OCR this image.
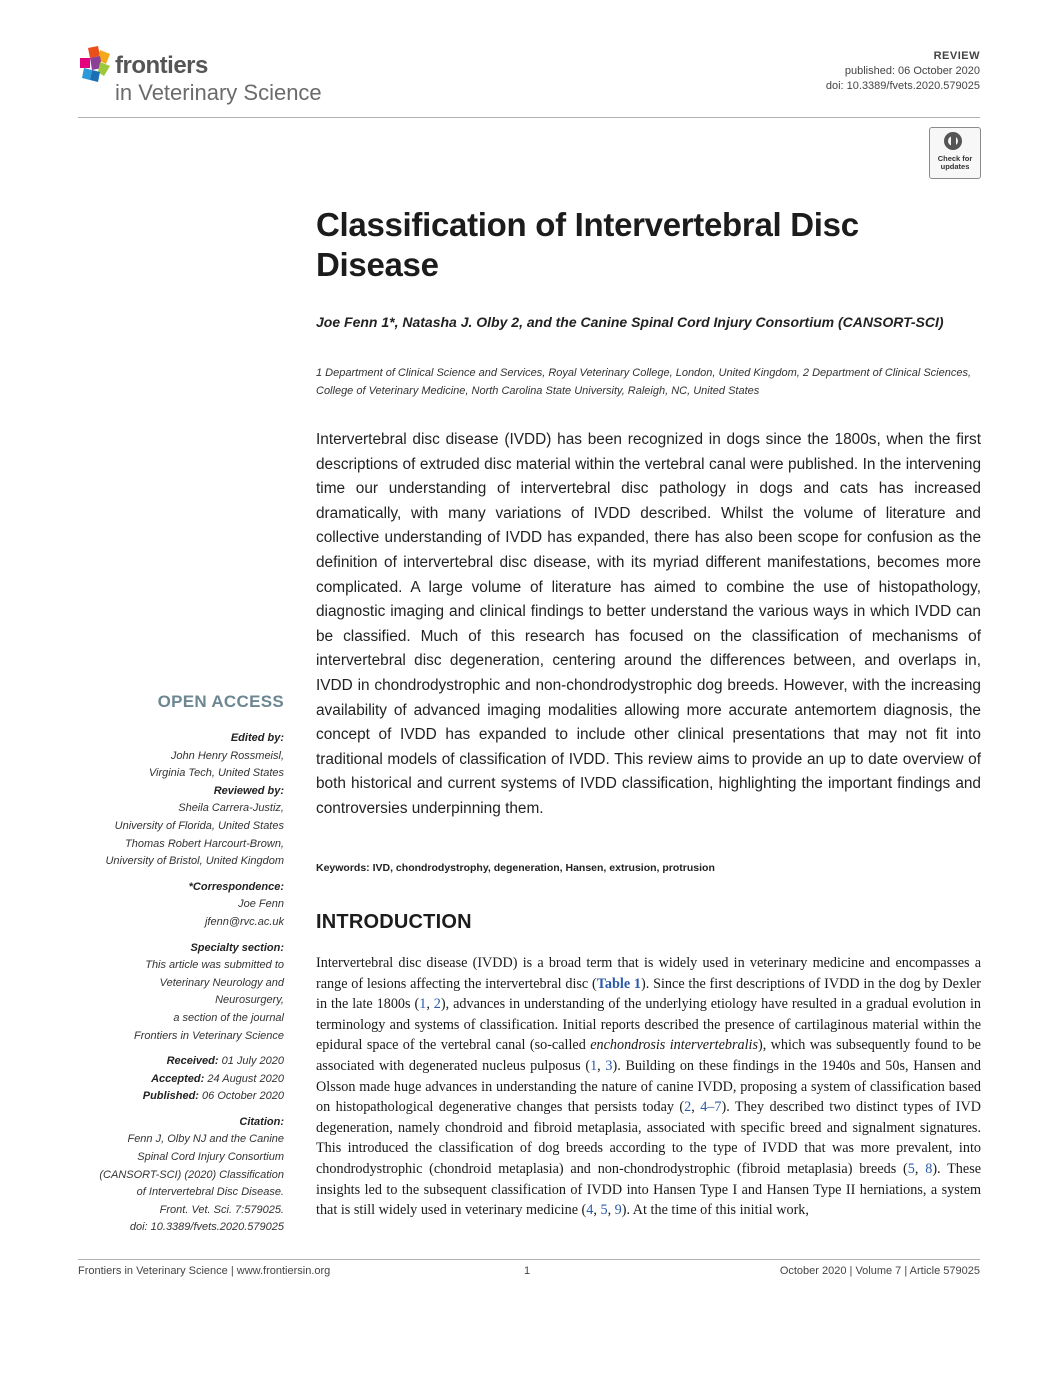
frontiers
in Veterinary Science
REVIEW
published: 06 October 2020
doi: 10.3389/fvets.2020.579025
Check for updates
Classification of Intervertebral Disc Disease
Joe Fenn 1*, Natasha J. Olby 2, and the Canine Spinal Cord Injury Consortium (CANSORT-SCI)
1 Department of Clinical Science and Services, Royal Veterinary College, London, United Kingdom, 2 Department of Clinical Sciences, College of Veterinary Medicine, North Carolina State University, Raleigh, NC, United States
Intervertebral disc disease (IVDD) has been recognized in dogs since the 1800s, when the first descriptions of extruded disc material within the vertebral canal were published. In the intervening time our understanding of intervertebral disc pathology in dogs and cats has increased dramatically, with many variations of IVDD described. Whilst the volume of literature and collective understanding of IVDD has expanded, there has also been scope for confusion as the definition of intervertebral disc disease, with its myriad different manifestations, becomes more complicated. A large volume of literature has aimed to combine the use of histopathology, diagnostic imaging and clinical findings to better understand the various ways in which IVDD can be classified. Much of this research has focused on the classification of mechanisms of intervertebral disc degeneration, centering around the differences between, and overlaps in, IVDD in chondrodystrophic and non-chondrodystrophic dog breeds. However, with the increasing availability of advanced imaging modalities allowing more accurate antemortem diagnosis, the concept of IVDD has expanded to include other clinical presentations that may not fit into traditional models of classification of IVDD. This review aims to provide an up to date overview of both historical and current systems of IVDD classification, highlighting the important findings and controversies underpinning them.
Keywords: IVD, chondrodystrophy, degeneration, Hansen, extrusion, protrusion
INTRODUCTION
Intervertebral disc disease (IVDD) is a broad term that is widely used in veterinary medicine and encompasses a range of lesions affecting the intervertebral disc (Table 1). Since the first descriptions of IVDD in the dog by Dexler in the late 1800s (1, 2), advances in understanding of the underlying etiology have resulted in a gradual evolution in terminology and systems of classification. Initial reports described the presence of cartilaginous material within the epidural space of the vertebral canal (so-called enchondrosis intervertebralis), which was subsequently found to be associated with degenerated nucleus pulposus (1, 3). Building on these findings in the 1940s and 50s, Hansen and Olsson made huge advances in understanding the nature of canine IVDD, proposing a system of classification based on histopathological degenerative changes that persists today (2, 4–7). They described two distinct types of IVD degeneration, namely chondroid and fibroid metaplasia, associated with specific breed and signalment signatures. This introduced the classification of dog breeds according to the type of IVDD that was more prevalent, into chondrodystrophic (chondroid metaplasia) and non-chondrodystrophic (fibroid metaplasia) breeds (5, 8). These insights led to the subsequent classification of IVDD into Hansen Type I and Hansen Type II herniations, a system that is still widely used in veterinary medicine (4, 5, 9). At the time of this initial work,
OPEN ACCESS
Edited by:
John Henry Rossmeisl,
Virginia Tech, United States
Reviewed by:
Sheila Carrera-Justiz,
University of Florida, United States
Thomas Robert Harcourt-Brown,
University of Bristol, United Kingdom
*Correspondence:
Joe Fenn
jfenn@rvc.ac.uk
Specialty section:
This article was submitted to
Veterinary Neurology and
Neurosurgery,
a section of the journal
Frontiers in Veterinary Science
Received: 01 July 2020
Accepted: 24 August 2020
Published: 06 October 2020
Citation:
Fenn J, Olby NJ and the Canine
Spinal Cord Injury Consortium
(CANSORT-SCI) (2020) Classification
of Intervertebral Disc Disease.
Front. Vet. Sci. 7:579025.
doi: 10.3389/fvets.2020.579025
Frontiers in Veterinary Science | www.frontiersin.org	1	October 2020 | Volume 7 | Article 579025
